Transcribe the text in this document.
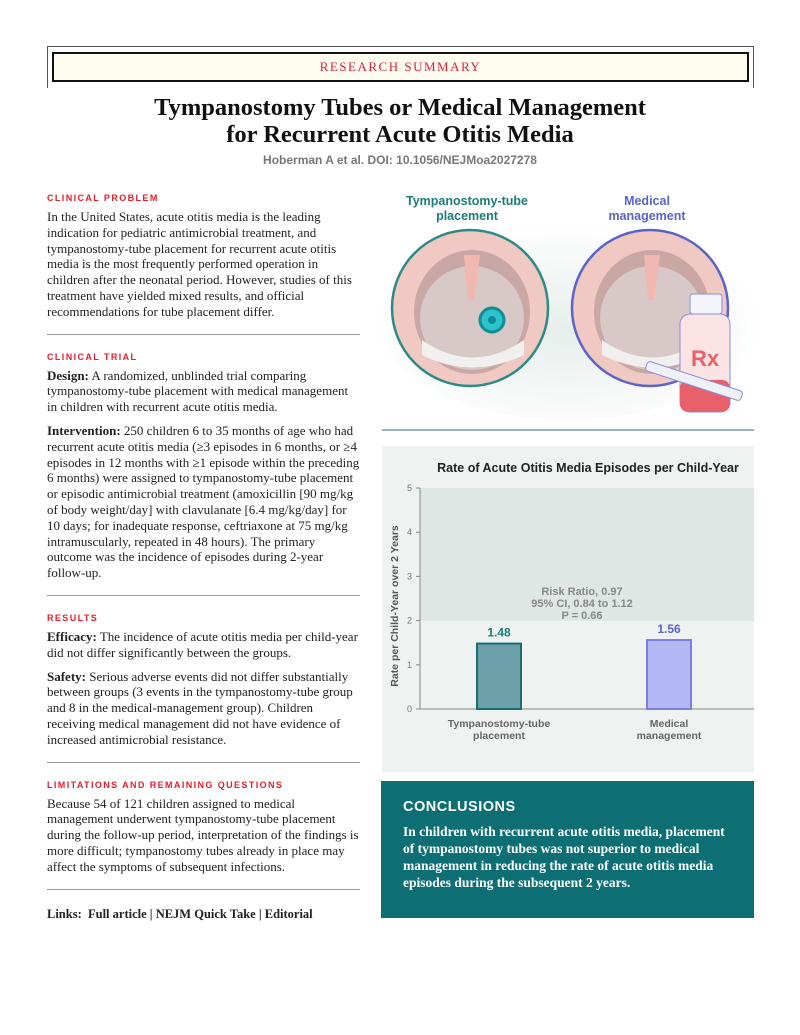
RESEARCH SUMMARY
Tympanostomy Tubes or Medical Management
for Recurrent Acute Otitis Media
Hoberman A et al. DOI: 10.1056/NEJMoa2027278
CLINICAL PROBLEM

In the United States, acute otitis media is the leading indication for pediatric antimicrobial treatment, and tympanostomy-tube placement for recurrent acute otitis media is the most frequently performed operation in children after the neonatal period. However, studies of this treatment have yielded mixed results, and official recommendations for tube placement differ.

CLINICAL TRIAL

Design: A randomized, unblinded trial comparing tympanostomy-tube placement with medical management in children with recurrent acute otitis media.

Intervention: 250 children 6 to 35 months of age who had recurrent acute otitis media (≥3 episodes in 6 months, or ≥4 episodes in 12 months with ≥1 episode within the preceding 6 months) were assigned to tympanostomy-tube placement or episodic antimicrobial treatment (amoxicillin [90 mg/kg of body weight/day] with clavulanate [6.4 mg/kg/day] for 10 days; for inadequate response, ceftriaxone at 75 mg/kg intramuscularly, repeated in 48 hours). The primary outcome was the incidence of episodes during 2-year follow-up.

RESULTS

Efficacy: The incidence of acute otitis media per child-year did not differ significantly between the groups.

Safety: Serious adverse events did not differ substantially between groups (3 events in the tympanostomy-tube group and 8 in the medical-management group). Children receiving medical management did not have evidence of increased antimicrobial resistance.

LIMITATIONS AND REMAINING QUESTIONS

Because 54 of 121 children assigned to medical management underwent tympanostomy-tube placement during the follow-up period, interpretation of the findings is more difficult; tympanostomy tubes already in place may affect the symptoms of subsequent infections.

Links: Full article | NEJM Quick Take | Editorial
Tympanostomy-tube
placement
Medical
management
Rx
Rate of Acute Otitis Media Episodes per Child-Year
Rate per Child-Year over 2 Years
0
1
2
3
4
5
1.48
Tympanostomy-tube
placement
1.56
Medical
management
Risk Ratio, 0.97
95% CI, 0.84 to 1.12
P = 0.66
CONCLUSIONS

In children with recurrent acute otitis media, placement of tympanostomy tubes was not superior to medical management in reducing the rate of acute otitis media episodes during the subsequent 2 years.
